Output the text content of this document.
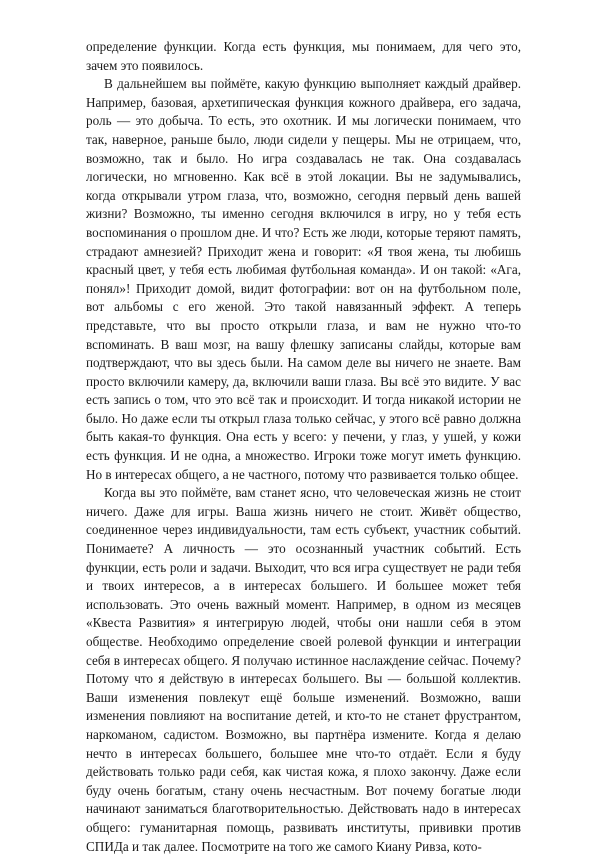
определение функции. Когда есть функция, мы понимаем, для чего это, зачем это появилось.

В дальнейшем вы поймёте, какую функцию выполняет каждый драйвер. Например, базовая, архетипическая функция кожного драйвера, его задача, роль — это добыча. То есть, это охотник. И мы логически понимаем, что так, наверное, раньше было, люди сидели у пещеры. Мы не отрицаем, что, возможно, так и было. Но игра создавалась не так. Она создавалась логически, но мгновенно. Как всё в этой локации. Вы не задумывались, когда открывали утром глаза, что, возможно, сегодня первый день вашей жизни? Возможно, ты именно сегодня включился в игру, но у тебя есть воспоминания о прошлом дне. И что? Есть же люди, которые теряют память, страдают амнезией? Приходит жена и говорит: «Я твоя жена, ты любишь красный цвет, у тебя есть любимая футбольная команда». И он такой: «Ага, понял»! Приходит домой, видит фотографии: вот он на футбольном поле, вот альбомы с его женой. Это такой навязанный эффект. А теперь представьте, что вы просто открыли глаза, и вам не нужно что-то вспоминать. В ваш мозг, на вашу флешку записаны слайды, которые вам подтверждают, что вы здесь были. На самом деле вы ничего не знаете. Вам просто включили камеру, да, включили ваши глаза. Вы всё это видите. У вас есть запись о том, что это всё так и происходит. И тогда никакой истории не было. Но даже если ты открыл глаза только сейчас, у этого всё равно должна быть какая-то функция. Она есть у всего: у печени, у глаз, у ушей, у кожи есть функция. И не одна, а множество. Игроки тоже могут иметь функцию. Но в интересах общего, а не частного, потому что развивается только общее.

Когда вы это поймёте, вам станет ясно, что человеческая жизнь не стоит ничего. Даже для игры. Ваша жизнь ничего не стоит. Живёт общество, соединенное через индивидуальности, там есть субъект, участник событий. Понимаете? А личность — это осознанный участник событий. Есть функции, есть роли и задачи. Выходит, что вся игра существует не ради тебя и твоих интересов, а в интересах большего. И большее может тебя использовать. Это очень важный момент. Например, в одном из месяцев «Квеста Развития» я интегрирую людей, чтобы они нашли себя в этом обществе. Необходимо определение своей ролевой функции и интеграции себя в интересах общего. Я получаю истинное наслаждение сейчас. Почему? Потому что я действую в интересах большего. Вы — большой коллектив. Ваши изменения повлекут ещё больше изменений. Возможно, ваши изменения повлияют на воспитание детей, и кто-то не станет фрустрантом, наркоманом, садистом. Возможно, вы партнёра измените. Когда я делаю нечто в интересах большего, большее мне что-то отдаёт. Если я буду действовать только ради себя, как чистая кожа, я плохо закончу. Даже если буду очень богатым, стану очень несчастным. Вот почему богатые люди начинают заниматься благотворительностью. Действовать надо в интересах общего: гуманитарная помощь, развивать институты, прививки против СПИДа и так далее. Посмотрите на того же самого Киану Ривза, кото-
